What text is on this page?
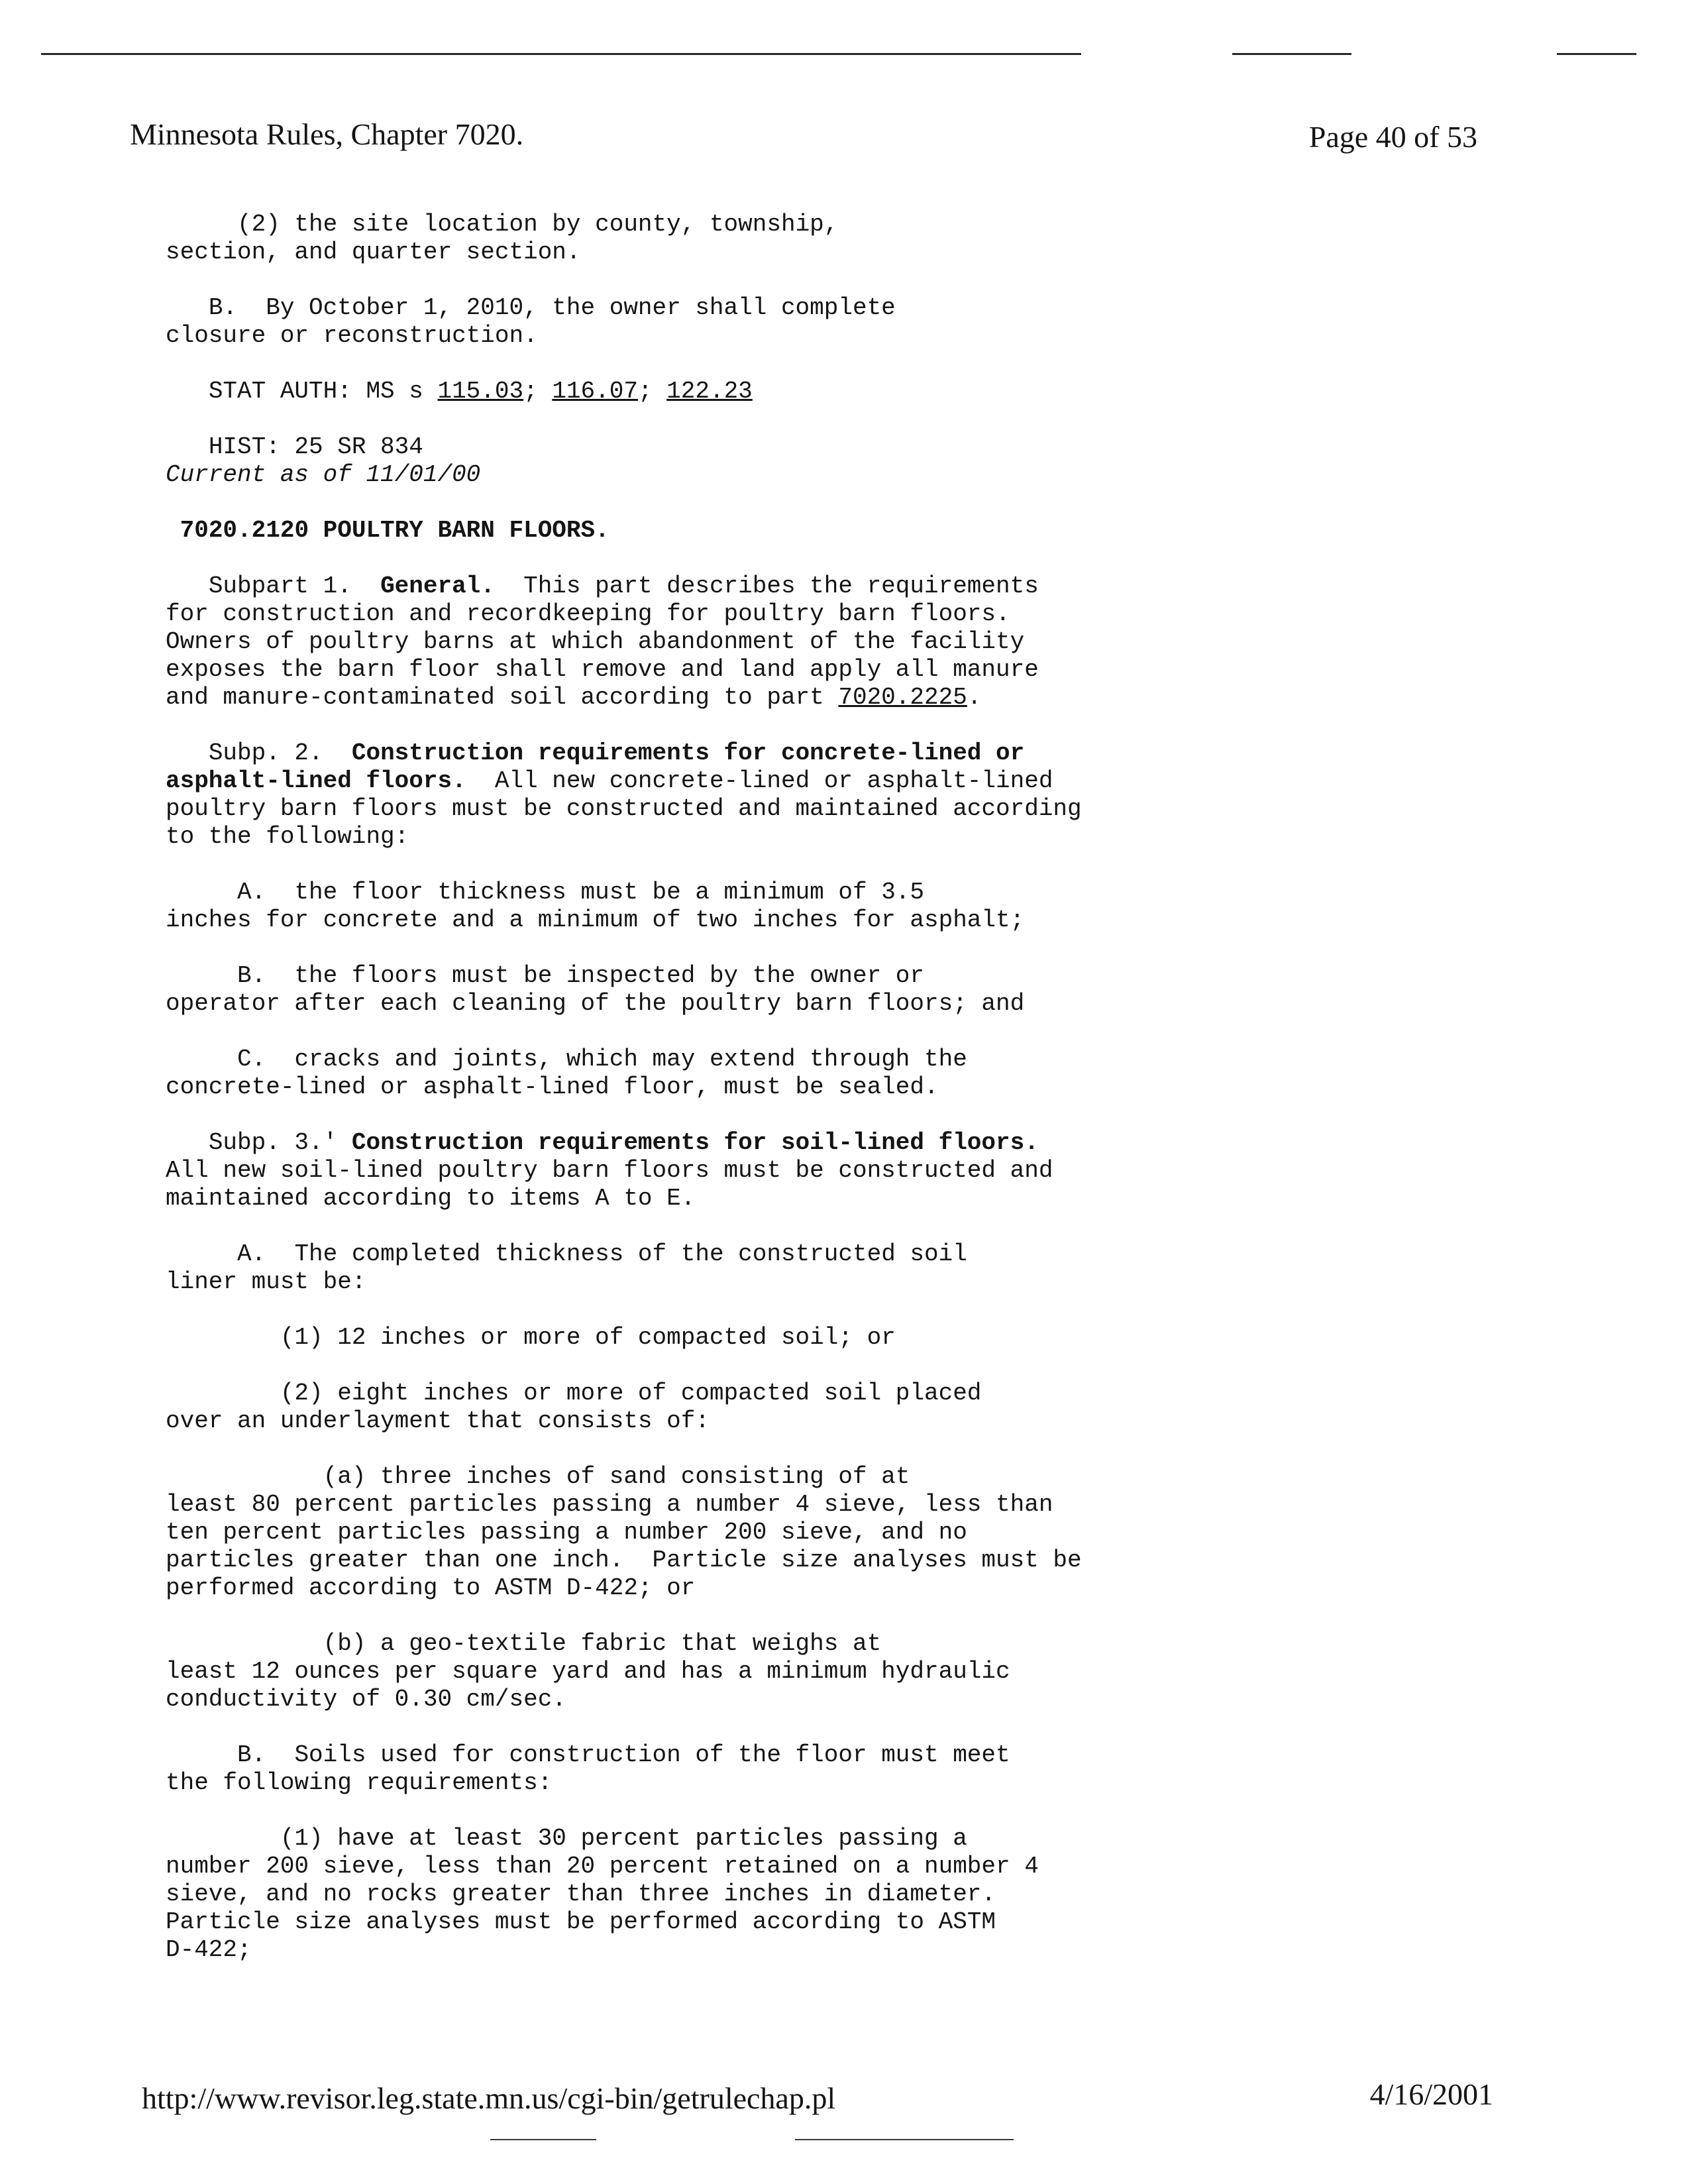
Minnesota Rules, Chapter 7020.	Page 40 of 53
(2) the site location by county, township,
section, and quarter section.
B.  By October 1, 2010, the owner shall complete
closure or reconstruction.
STAT AUTH: MS s 115.03; 116.07; 122.23
HIST: 25 SR 834
Current as of 11/01/00
7020.2120 POULTRY BARN FLOORS.
Subpart 1.  General.  This part describes the requirements
for construction and recordkeeping for poultry barn floors.
Owners of poultry barns at which abandonment of the facility
exposes the barn floor shall remove and land apply all manure
and manure-contaminated soil according to part 7020.2225.
Subp. 2.  Construction requirements for concrete-lined or
asphalt-lined floors.  All new concrete-lined or asphalt-lined
poultry barn floors must be constructed and maintained according
to the following:
A.  the floor thickness must be a minimum of 3.5
inches for concrete and a minimum of two inches for asphalt;
B.  the floors must be inspected by the owner or
operator after each cleaning of the poultry barn floors; and
C.  cracks and joints, which may extend through the
concrete-lined or asphalt-lined floor, must be sealed.
Subp. 3.' Construction requirements for soil-lined floors.
All new soil-lined poultry barn floors must be constructed and
maintained according to items A to E.
A.  The completed thickness of the constructed soil
liner must be:
(1) 12 inches or more of compacted soil; or
(2) eight inches or more of compacted soil placed
over an underlayment that consists of:
(a) three inches of sand consisting of at
least 80 percent particles passing a number 4 sieve, less than
ten percent particles passing a number 200 sieve, and no
particles greater than one inch.  Particle size analyses must be
performed according to ASTM D-422; or
(b) a geo-textile fabric that weighs at
least 12 ounces per square yard and has a minimum hydraulic
conductivity of 0.30 cm/sec.
B.  Soils used for construction of the floor must meet
the following requirements:
(1) have at least 30 percent particles passing a
number 200 sieve, less than 20 percent retained on a number 4
sieve, and no rocks greater than three inches in diameter.
Particle size analyses must be performed according to ASTM
D-422;
http://www.revisor.leg.state.mn.us/cgi-bin/getrulechap.pl	4/16/2001
